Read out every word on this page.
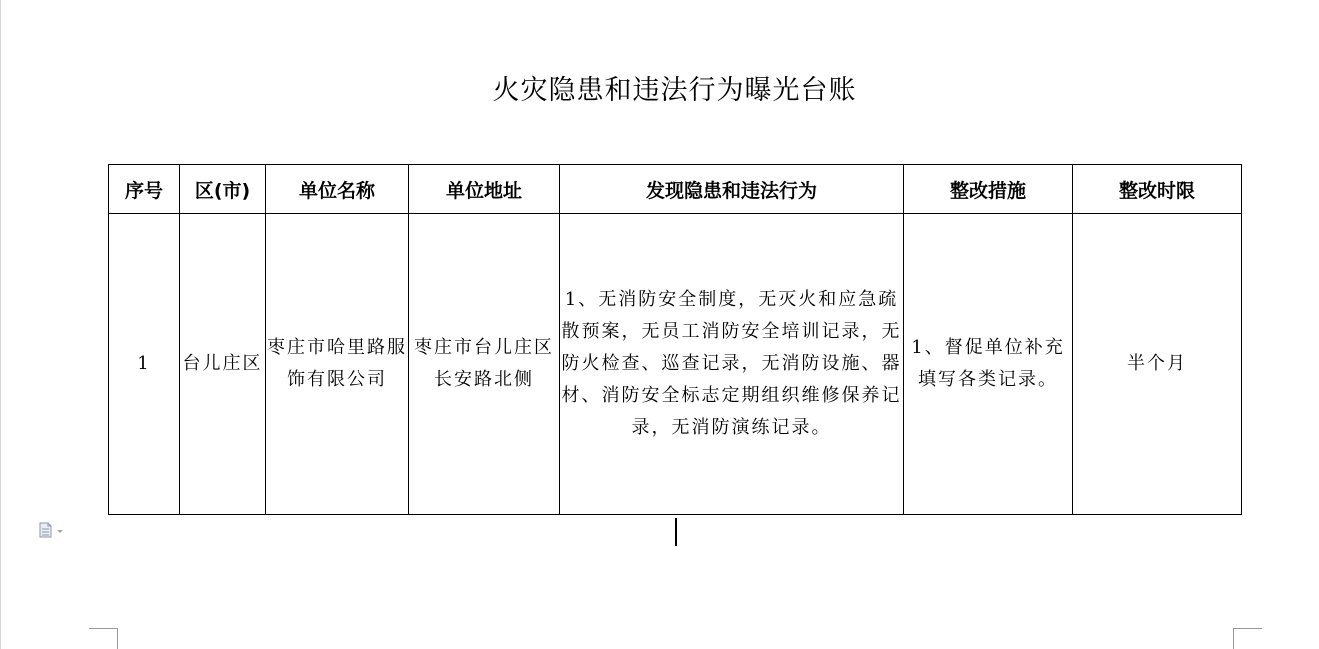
火灾隐患和违法行为曝光台账
序号	区(市)	单位名称	单位地址	发现隐患和违法行为	整改措施	整改时限
1	台儿庄区	枣庄市哈里路服饰有限公司	枣庄市台儿庄区长安路北侧	1、无消防安全制度，无灭火和应急疏散预案，无员工消防安全培训记录，无防火检查、巡查记录，无消防设施、器材、消防安全标志定期组织维修保养记录，无消防演练记录。	1、督促单位补充填写各类记录。	半个月
